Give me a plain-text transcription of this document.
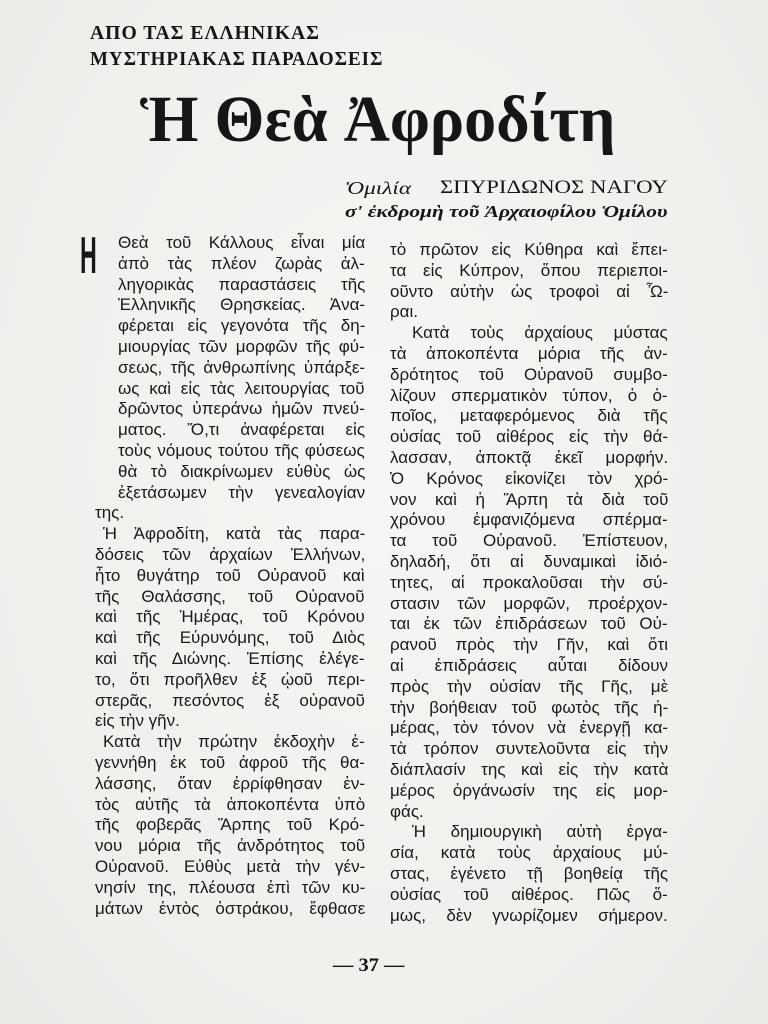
ΑΠΟ ΤΑΣ ΕΛΛΗΝΙΚΑΣ
ΜΥΣΤΗΡΙΑΚΑΣ ΠΑΡΑΔΟΣΕΙΣ
Ἡ Θεὰ Ἀφροδίτη
Ὁμιλία ΣΠΥΡΙΔΩΝΟΣ ΝΑΓΟΥ
σ' ἐκδρομὴ τοῦ Ἀρχαιοφίλου Ὁμίλου
Η Θεὰ τοῦ Κάλλους εἶναι μία
ἀπὸ τὰς πλέον ζωρὰς ἀλ-
ληγορικὰς παραστάσεις τῆς
Ἑλληνικῆς Θρησκείας. Ἀνα-
φέρεται εἰς γεγονότα τῆς δη-
μιουργίας τῶν μορφῶν τῆς φύ-
σεως, τῆς ἀνθρωπίνης ὑπάρξε-
ως καὶ εἰς τὰς λειτουργίας τοῦ
δρῶντος ὑπεράνω ἡμῶν πνεύ-
ματος. Ὅ,τι ἀναφέρεται εἰς
τοὺς νόμους τούτου τῆς φύσεως
θὰ τὸ διακρίνωμεν εὐθὺς ὡς
ἐξετάσωμεν τὴν γενεαλογίαν
της.
Ἡ Ἀφροδίτη, κατὰ τὰς παρα-
δόσεις τῶν ἀρχαίων Ἑλλήνων,
ἦτο θυγάτηρ τοῦ Οὐρανοῦ καὶ
τῆς Θαλάσσης, τοῦ Οὐρανοῦ
καὶ τῆς Ἡμέρας, τοῦ Κρόνου
καὶ τῆς Εὐρυνόμης, τοῦ Διὸς
καὶ τῆς Διώνης. Ἐπίσης ἐλέγε-
το, ὅτι προῆλθεν ἐξ ᾠοῦ περι-
στερᾶς, πεσόντος ἐξ οὐρανοῦ
εἰς τὴν γῆν.
Κατὰ τὴν πρώτην ἐκδοχὴν ἐ-
γεννήθη ἐκ τοῦ ἀφροῦ τῆς θα-
λάσσης, ὅταν ἐρρίφθησαν ἐν-
τὸς αὐτῆς τὰ ἀποκοπέντα ὑπὸ
τῆς φοβερᾶς Ἅρπης τοῦ Κρό-
νου μόρια τῆς ἀνδρότητος τοῦ
Οὐρανοῦ. Εὐθὺς μετὰ τὴν γέν-
νησίν της, πλέουσα ἐπὶ τῶν κυ-
μάτων ἐντὸς ὀστράκου, ἔφθασε
τὸ πρῶτον εἰς Κύθηρα καὶ ἔπει-
τα εἰς Κύπρον, ὅπου περιεποι-
οῦντο αὐτὴν ὡς τροφοὶ αἱ Ὧ-
ραι.
Κατὰ τοὺς ἀρχαίους μύστας
τὰ ἀποκοπέντα μόρια τῆς ἀν-
δρότητος τοῦ Οὐρανοῦ συμβο-
λίζουν σπερματικὸν τύπον, ὁ ὁ-
ποῖος, μεταφερόμενος διὰ τῆς
οὐσίας τοῦ αἰθέρος εἰς τὴν θά-
λασσαν, ἀποκτᾷ ἐκεῖ μορφήν.
Ὁ Κρόνος εἰκονίζει τὸν χρό-
νον καὶ ἡ Ἅρπη τὰ διὰ τοῦ
χρόνου ἐμφανιζόμενα σπέρμα-
τα τοῦ Οὐρανοῦ. Ἐπίστευον,
δηλαδή, ὅτι αἱ δυναμικαὶ ἰδιό-
τητες, αἱ προκαλοῦσαι τὴν σύ-
στασιν τῶν μορφῶν, προέρχον-
ται ἐκ τῶν ἐπιδράσεων τοῦ Οὐ-
ρανοῦ πρὸς τὴν Γῆν, καὶ ὅτι
αἱ ἐπιδράσεις αὗται δίδουν
πρὸς τὴν οὐσίαν τῆς Γῆς, μὲ
τὴν βοήθειαν τοῦ φωτὸς τῆς ἡ-
μέρας, τὸν τόνον νὰ ἐνεργῇ κα-
τὰ τρόπον συντελοῦντα εἰς τὴν
διάπλασίν της καὶ εἰς τὴν κατὰ
μέρος ὀργάνωσίν της εἰς μορ-
φάς.
Ἡ δημιουργικὴ αὐτὴ ἐργα-
σία, κατὰ τοὺς ἀρχαίους μύ-
στας, ἐγένετο τῇ βοηθείᾳ τῆς
οὐσίας τοῦ αἰθέρος. Πῶς ὅ-
μως, δὲν γνωρίζομεν σήμερον.
— 37 —
